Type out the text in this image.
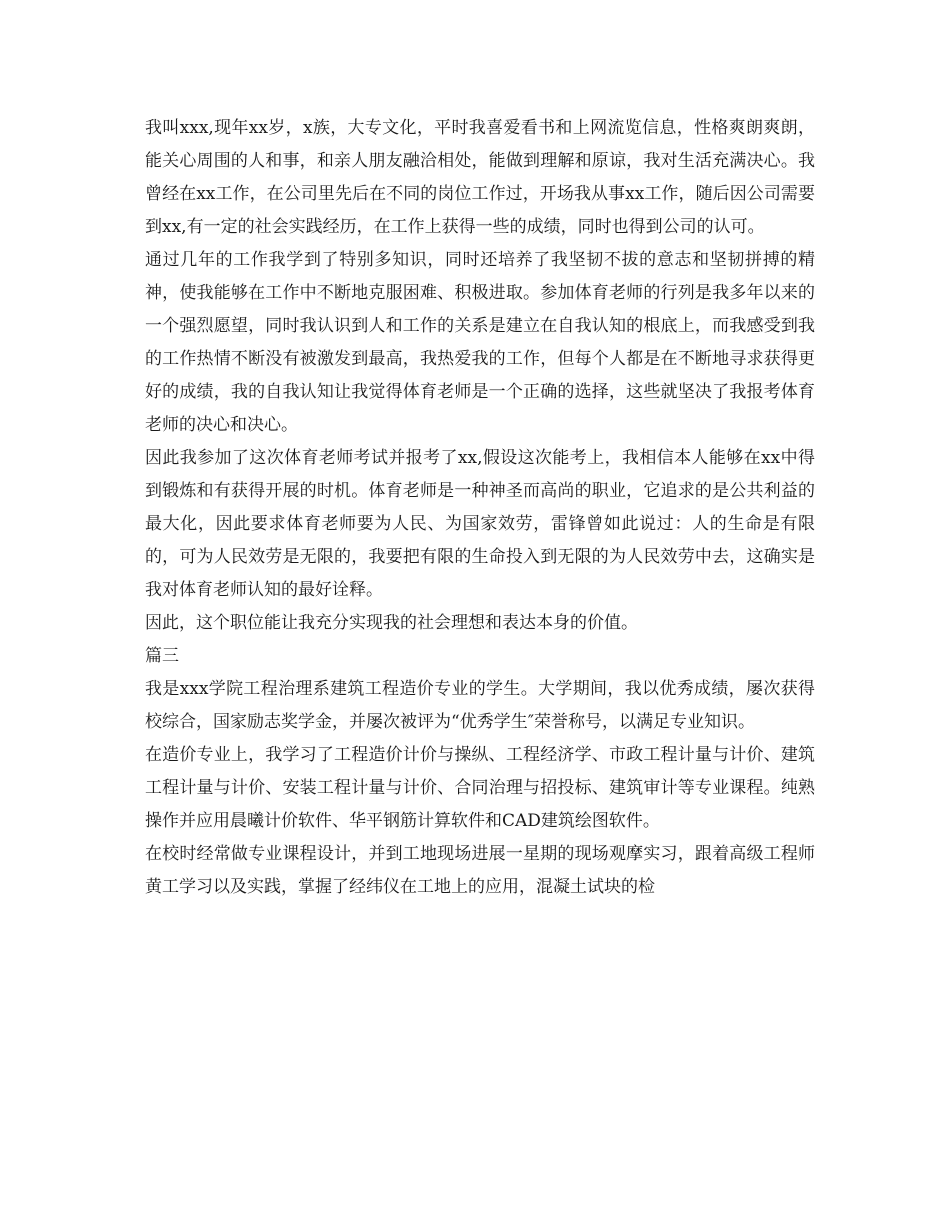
我叫xxx,现年xx岁，x族，大专文化，平时我喜爱看书和上网流览信息，性格爽朗爽朗，能关心周围的人和事，和亲人朋友融洽相处，能做到理解和原谅，我对生活充满决心。我曾经在xx工作，在公司里先后在不同的岗位工作过，开场我从事xx工作，随后因公司需要到xx,有一定的社会实践经历，在工作上获得一些的成绩，同时也得到公司的认可。

通过几年的工作我学到了特别多知识，同时还培养了我坚韧不拔的意志和坚韧拼搏的精神，使我能够在工作中不断地克服困难、积极进取。参加体育老师的行列是我多年以来的一个强烈愿望，同时我认识到人和工作的关系是建立在自我认知的根底上，而我感受到我的工作热情不断没有被激发到最高，我热爱我的工作，但每个人都是在不断地寻求获得更好的成绩，我的自我认知让我觉得体育老师是一个正确的选择，这些就坚决了我报考体育老师的决心和决心。

因此我参加了这次体育老师考试并报考了xx,假设这次能考上，我相信本人能够在xx中得到锻炼和有获得开展的时机。体育老师是一种神圣而高尚的职业，它追求的是公共利益的最大化，因此要求体育老师要为人民、为国家效劳，雷锋曾如此说过：人的生命是有限的，可为人民效劳是无限的，我要把有限的生命投入到无限的为人民效劳中去，这确实是我对体育老师认知的最好诠释。

因此，这个职位能让我充分实现我的社会理想和表达本身的价值。

篇三

我是xxx学院工程治理系建筑工程造价专业的学生。大学期间，我以优秀成绩，屡次获得校综合，国家励志奖学金，并屡次被评为“优秀学生″荣誉称号，以满足专业知识。

在造价专业上，我学习了工程造价计价与操纵、工程经济学、市政工程计量与计价、建筑工程计量与计价、安装工程计量与计价、合同治理与招投标、建筑审计等专业课程。纯熟操作并应用晨曦计价软件、华平钢筋计算软件和CAD建筑绘图软件。

在校时经常做专业课程设计，并到工地现场进展一星期的现场观摩实习，跟着高级工程师黄工学习以及实践，掌握了经纬仪在工地上的应用，混凝土试块的检
